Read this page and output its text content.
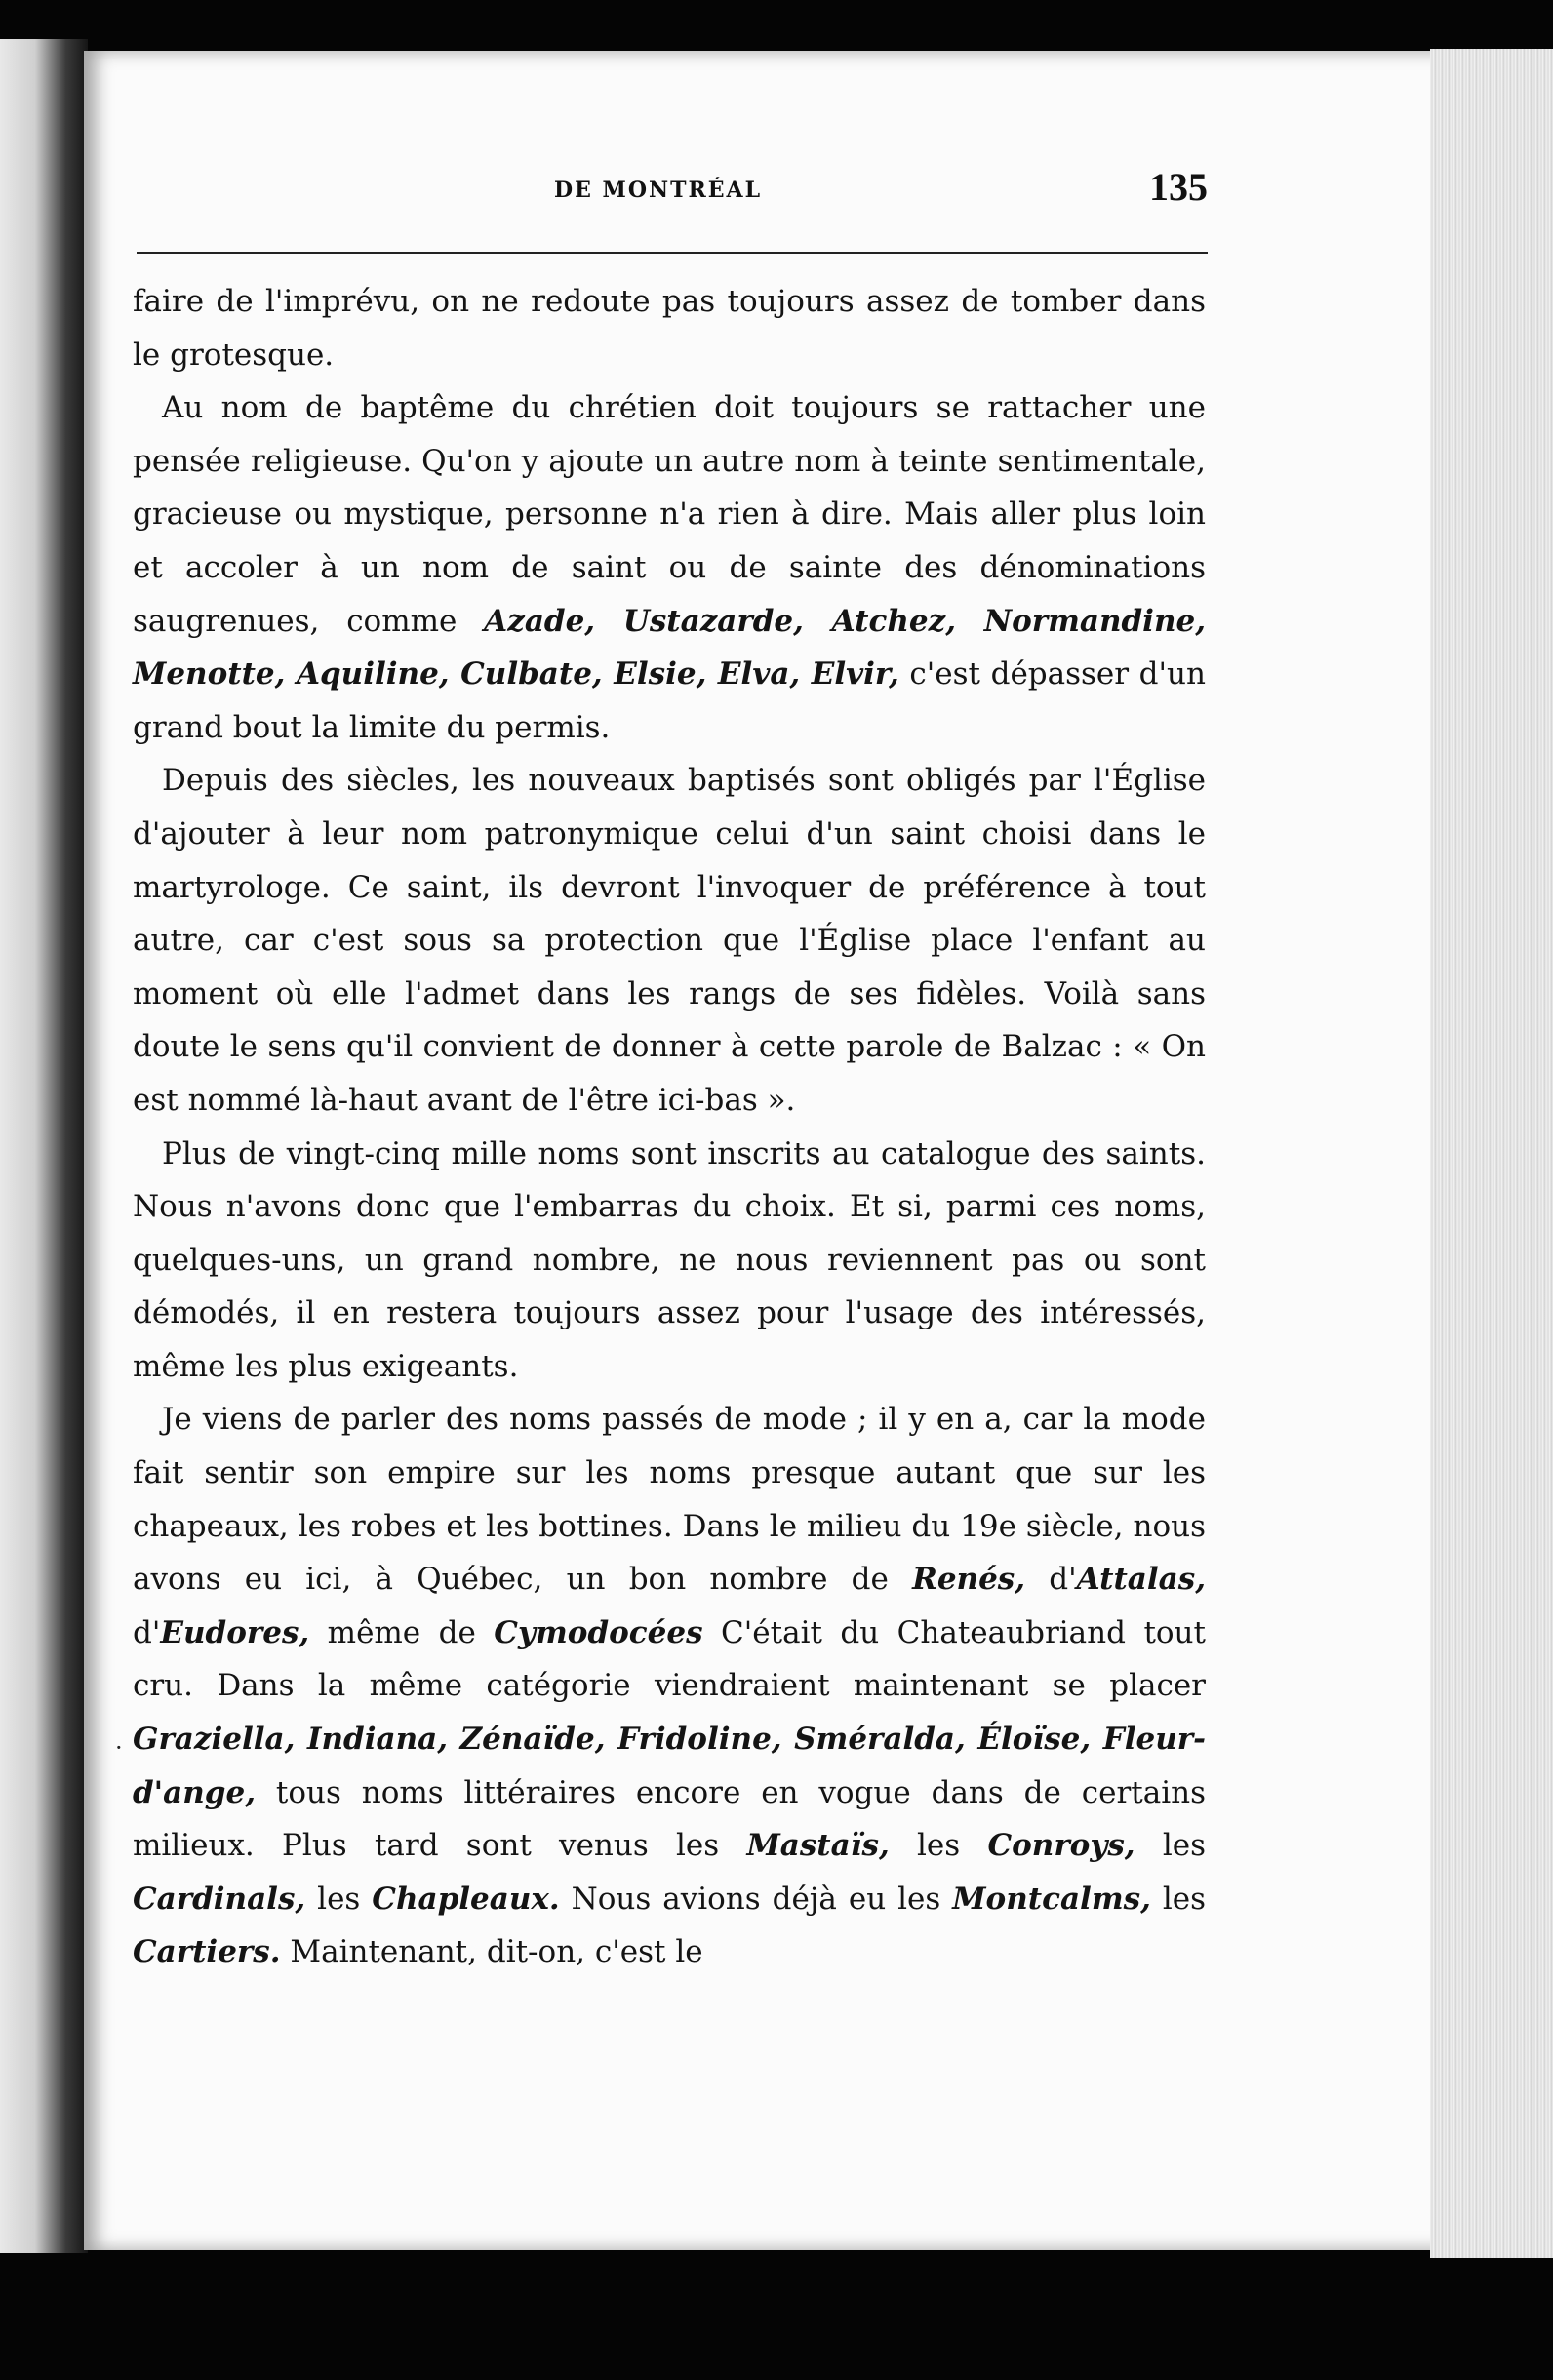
DE MONTRÉAL	135
·

faire de l'imprévu, on ne redoute pas toujours assez de tomber dans le grotesque.

Au nom de baptême du chrétien doit toujours se rattacher une pensée religieuse. Qu'on y ajoute un autre nom à teinte sentimentale, gracieuse ou mystique, personne n'a rien à dire. Mais aller plus loin et accoler à un nom de saint ou de sainte des dénominations saugrenues, comme Azade, Ustazarde, Atchez, Normandine, Menotte, Aquiline, Culbate, Elsie, Elva, Elvir, c'est dépasser d'un grand bout la limite du permis.

Depuis des siècles, les nouveaux baptisés sont obligés par l'Église d'ajouter à leur nom patronymique celui d'un saint choisi dans le martyrologe. Ce saint, ils devront l'invoquer de préférence à tout autre, car c'est sous sa protection que l'Église place l'enfant au moment où elle l'admet dans les rangs de ses fidèles. Voilà sans doute le sens qu'il convient de donner à cette parole de Balzac : « On est nommé là-haut avant de l'être ici-bas ».

Plus de vingt-cinq mille noms sont inscrits au catalogue des saints. Nous n'avons donc que l'embarras du choix. Et si, parmi ces noms, quelques-uns, un grand nombre, ne nous reviennent pas ou sont démodés, il en restera toujours assez pour l'usage des intéressés, même les plus exigeants.

Je viens de parler des noms passés de mode ; il y en a, car la mode fait sentir son empire sur les noms presque autant que sur les chapeaux, les robes et les bottines. Dans le milieu du 19e siècle, nous avons eu ici, à Québec, un bon nombre de Renés, d'Attalas, d'Eudores, même de Cymodocées C'était du Chateaubriand tout cru. Dans la même catégorie viendraient maintenant se placer Graziella, Indiana, Zénaïde, Fridoline, Sméralda, Éloïse, Fleur-d'ange, tous noms littéraires encore en vogue dans de certains milieux. Plus tard sont venus les Mastaïs, les Conroys, les Cardinals, les Chapleaux. Nous avions déjà eu les Montcalms, les Cartiers. Maintenant, dit-on, c'est le
